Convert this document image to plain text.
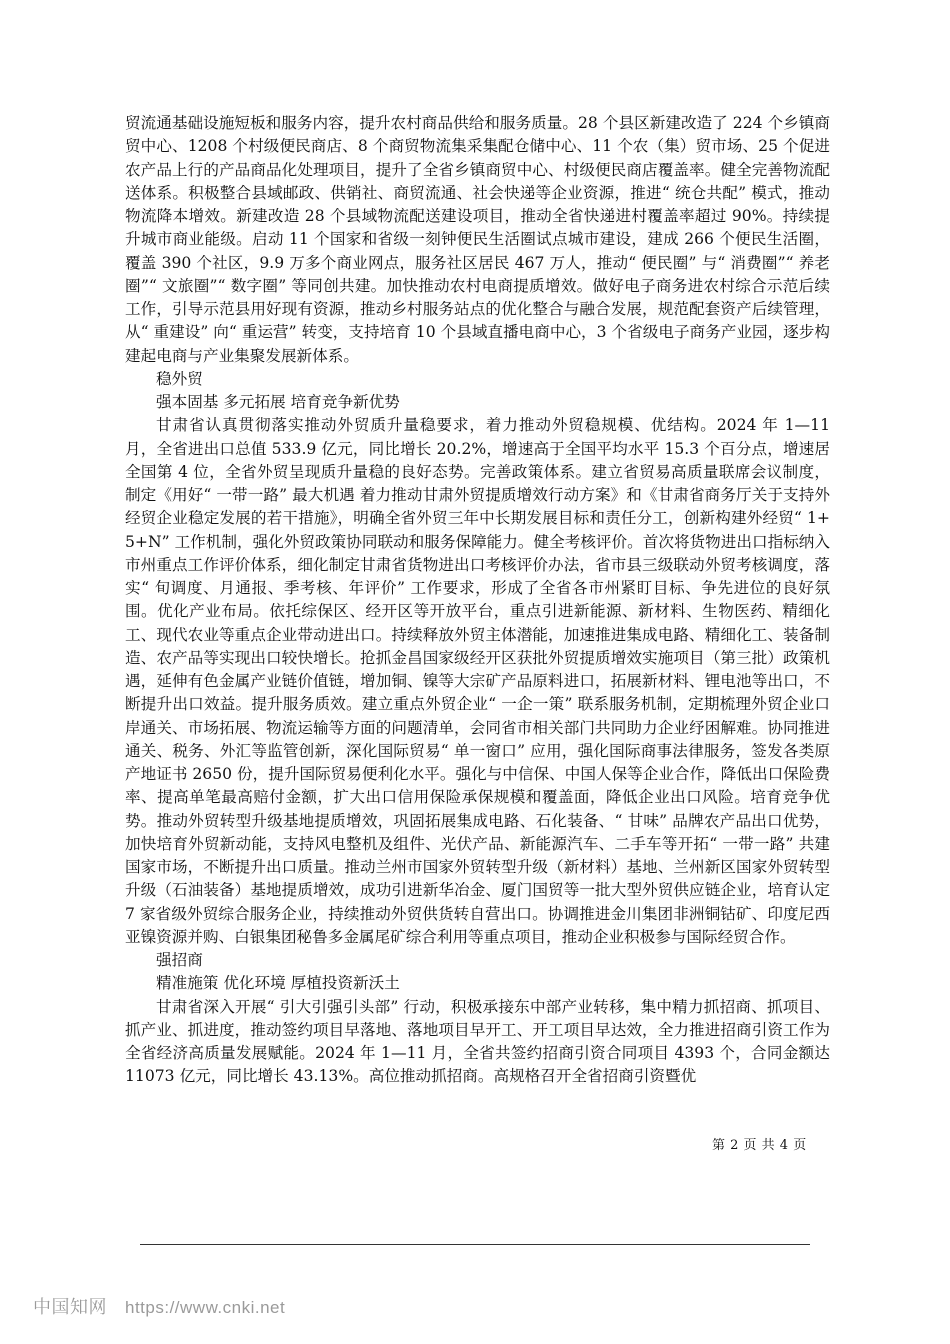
贸流通基础设施短板和服务内容，提升农村商品供给和服务质量。28 个县区新建改造了 224 个乡镇商贸中心、1208 个村级便民商店、8 个商贸物流集采集配仓储中心、11 个农（集）贸市场、25 个促进农产品上行的产品商品化处理项目，提升了全省乡镇商贸中心、村级便民商店覆盖率。健全完善物流配送体系。积极整合县域邮政、供销社、商贸流通、社会快递等企业资源，推进“ 统仓共配” 模式，推动物流降本增效。新建改造 28 个县域物流配送建设项目，推动全省快递进村覆盖率超过 90%。持续提升城市商业能级。启动 11 个国家和省级一刻钟便民生活圈试点城市建设，建成 266 个便民生活圈，覆盖 390 个社区，9.9 万多个商业网点，服务社区居民 467 万人，推动“ 便民圈” 与“ 消费圈”“ 养老圈”“ 文旅圈”“ 数字圈” 等同创共建。加快推动农村电商提质增效。做好电子商务进农村综合示范后续工作，引导示范县用好现有资源，推动乡村服务站点的优化整合与融合发展，规范配套资产后续管理，从“ 重建设” 向“ 重运营” 转变，支持培育 10 个县域直播电商中心，3 个省级电子商务产业园，逐步构建起电商与产业集聚发展新体系。

稳外贸

强本固基 多元拓展 培育竞争新优势

甘肃省认真贯彻落实推动外贸质升量稳要求，着力推动外贸稳规模、优结构。2024 年 1—11 月，全省进出口总值 533.9 亿元，同比增长 20.2%，增速高于全国平均水平 15.3 个百分点，增速居全国第 4 位，全省外贸呈现质升量稳的良好态势。完善政策体系。建立省贸易高质量联席会议制度，制定《用好“ 一带一路” 最大机遇 着力推动甘肃外贸提质增效行动方案》和《甘肃省商务厅关于支持外经贸企业稳定发展的若干措施》，明确全省外贸三年中长期发展目标和责任分工，创新构建外经贸“ 1+5+N” 工作机制，强化外贸政策协同联动和服务保障能力。健全考核评价。首次将货物进出口指标纳入市州重点工作评价体系，细化制定甘肃省货物进出口考核评价办法，省市县三级联动外贸考核调度，落实“ 旬调度、月通报、季考核、年评价” 工作要求，形成了全省各市州紧盯目标、争先进位的良好氛围。优化产业布局。依托综保区、经开区等开放平台，重点引进新能源、新材料、生物医药、精细化工、现代农业等重点企业带动进出口。持续释放外贸主体潜能，加速推进集成电路、精细化工、装备制造、农产品等实现出口较快增长。抢抓金昌国家级经开区获批外贸提质增效实施项目（第三批）政策机遇，延伸有色金属产业链价值链，增加铜、镍等大宗矿产品原料进口，拓展新材料、锂电池等出口，不断提升出口效益。提升服务质效。建立重点外贸企业“ 一企一策” 联系服务机制，定期梳理外贸企业口岸通关、市场拓展、物流运输等方面的问题清单，会同省市相关部门共同助力企业纾困解难。协同推进通关、税务、外汇等监管创新，深化国际贸易“ 单一窗口” 应用，强化国际商事法律服务，签发各类原产地证书 2650 份，提升国际贸易便利化水平。强化与中信保、中国人保等企业合作，降低出口保险费率、提高单笔最高赔付金额，扩大出口信用保险承保规模和覆盖面，降低企业出口风险。培育竞争优势。推动外贸转型升级基地提质增效，巩固拓展集成电路、石化装备、“ 甘味” 品牌农产品出口优势，加快培育外贸新动能，支持风电整机及组件、光伏产品、新能源汽车、二手车等开拓“ 一带一路” 共建国家市场，不断提升出口质量。推动兰州市国家外贸转型升级（新材料）基地、兰州新区国家外贸转型升级（石油装备）基地提质增效，成功引进新华冶金、厦门国贸等一批大型外贸供应链企业，培育认定 7 家省级外贸综合服务企业，持续推动外贸供货转自营出口。协调推进金川集团非洲铜钴矿、印度尼西亚镍资源并购、白银集团秘鲁多金属尾矿综合利用等重点项目，推动企业积极参与国际经贸合作。

强招商

精准施策 优化环境 厚植投资新沃土

甘肃省深入开展“ 引大引强引头部” 行动，积极承接东中部产业转移，集中精力抓招商、抓项目、抓产业、抓进度，推动签约项目早落地、落地项目早开工、开工项目早达效，全力推进招商引资工作为全省经济高质量发展赋能。2024 年 1—11 月，全省共签约招商引资合同项目 4393 个，合同金额达 11073 亿元，同比增长 43.13%。高位推动抓招商。高规格召开全省招商引资暨优

第 2 页 共 4 页
中国知网 https://www.cnki.net
